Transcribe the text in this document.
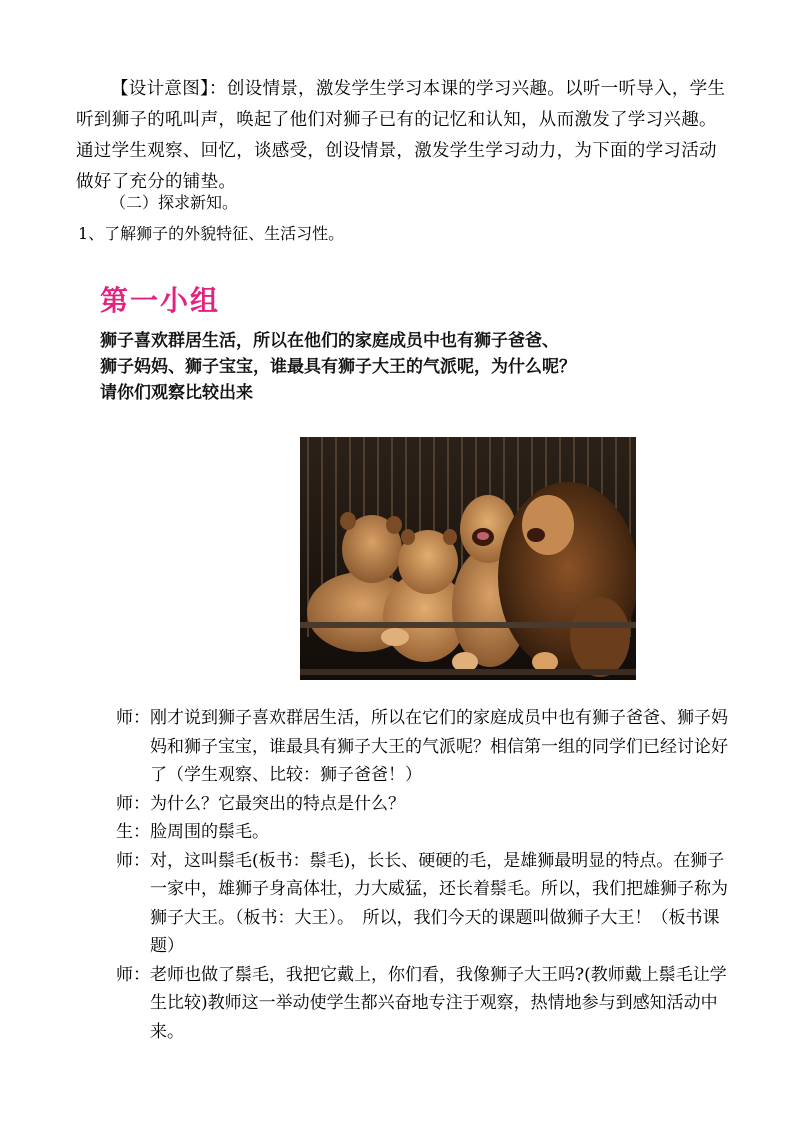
【设计意图】：创设情景，激发学生学习本课的学习兴趣。以听一听导入，学生听到狮子的吼叫声，唤起了他们对狮子已有的记忆和认知，从而激发了学习兴趣。通过学生观察、回忆，谈感受，创设情景，激发学生学习动力，为下面的学习活动做好了充分的铺垫。

（二）探求新知。

1、了解狮子的外貌特征、生活习性。

第一小组
狮子喜欢群居生活，所以在他们的家庭成员中也有狮子爸爸、
狮子妈妈、狮子宝宝，谁最具有狮子大王的气派呢，为什么呢？
请你们观察比较出来
师： 刚才说到狮子喜欢群居生活，所以在它们的家庭成员中也有狮子爸爸、狮子妈妈和狮子宝宝，谁最具有狮子大王的气派呢？相信第一组的同学们已经讨论好了（学生观察、比较：狮子爸爸！）
师： 为什么？它最突出的特点是什么？
生： 脸周围的鬃毛。
师： 对，这叫鬃毛(板书：鬃毛)，长长、硬硬的毛，是雄狮最明显的特点。在狮子一家中，雄狮子身高体壮，力大威猛，还长着鬃毛。所以，我们把雄狮子称为狮子大王。（板书：大王）。　所以，我们今天的课题叫做狮子大王！（板书课题）
师： 老师也做了鬃毛，我把它戴上，你们看，我像狮子大王吗?(教师戴上鬃毛让学生比较)教师这一举动使学生都兴奋地专注于观察，热情地参与到感知活动中来。
